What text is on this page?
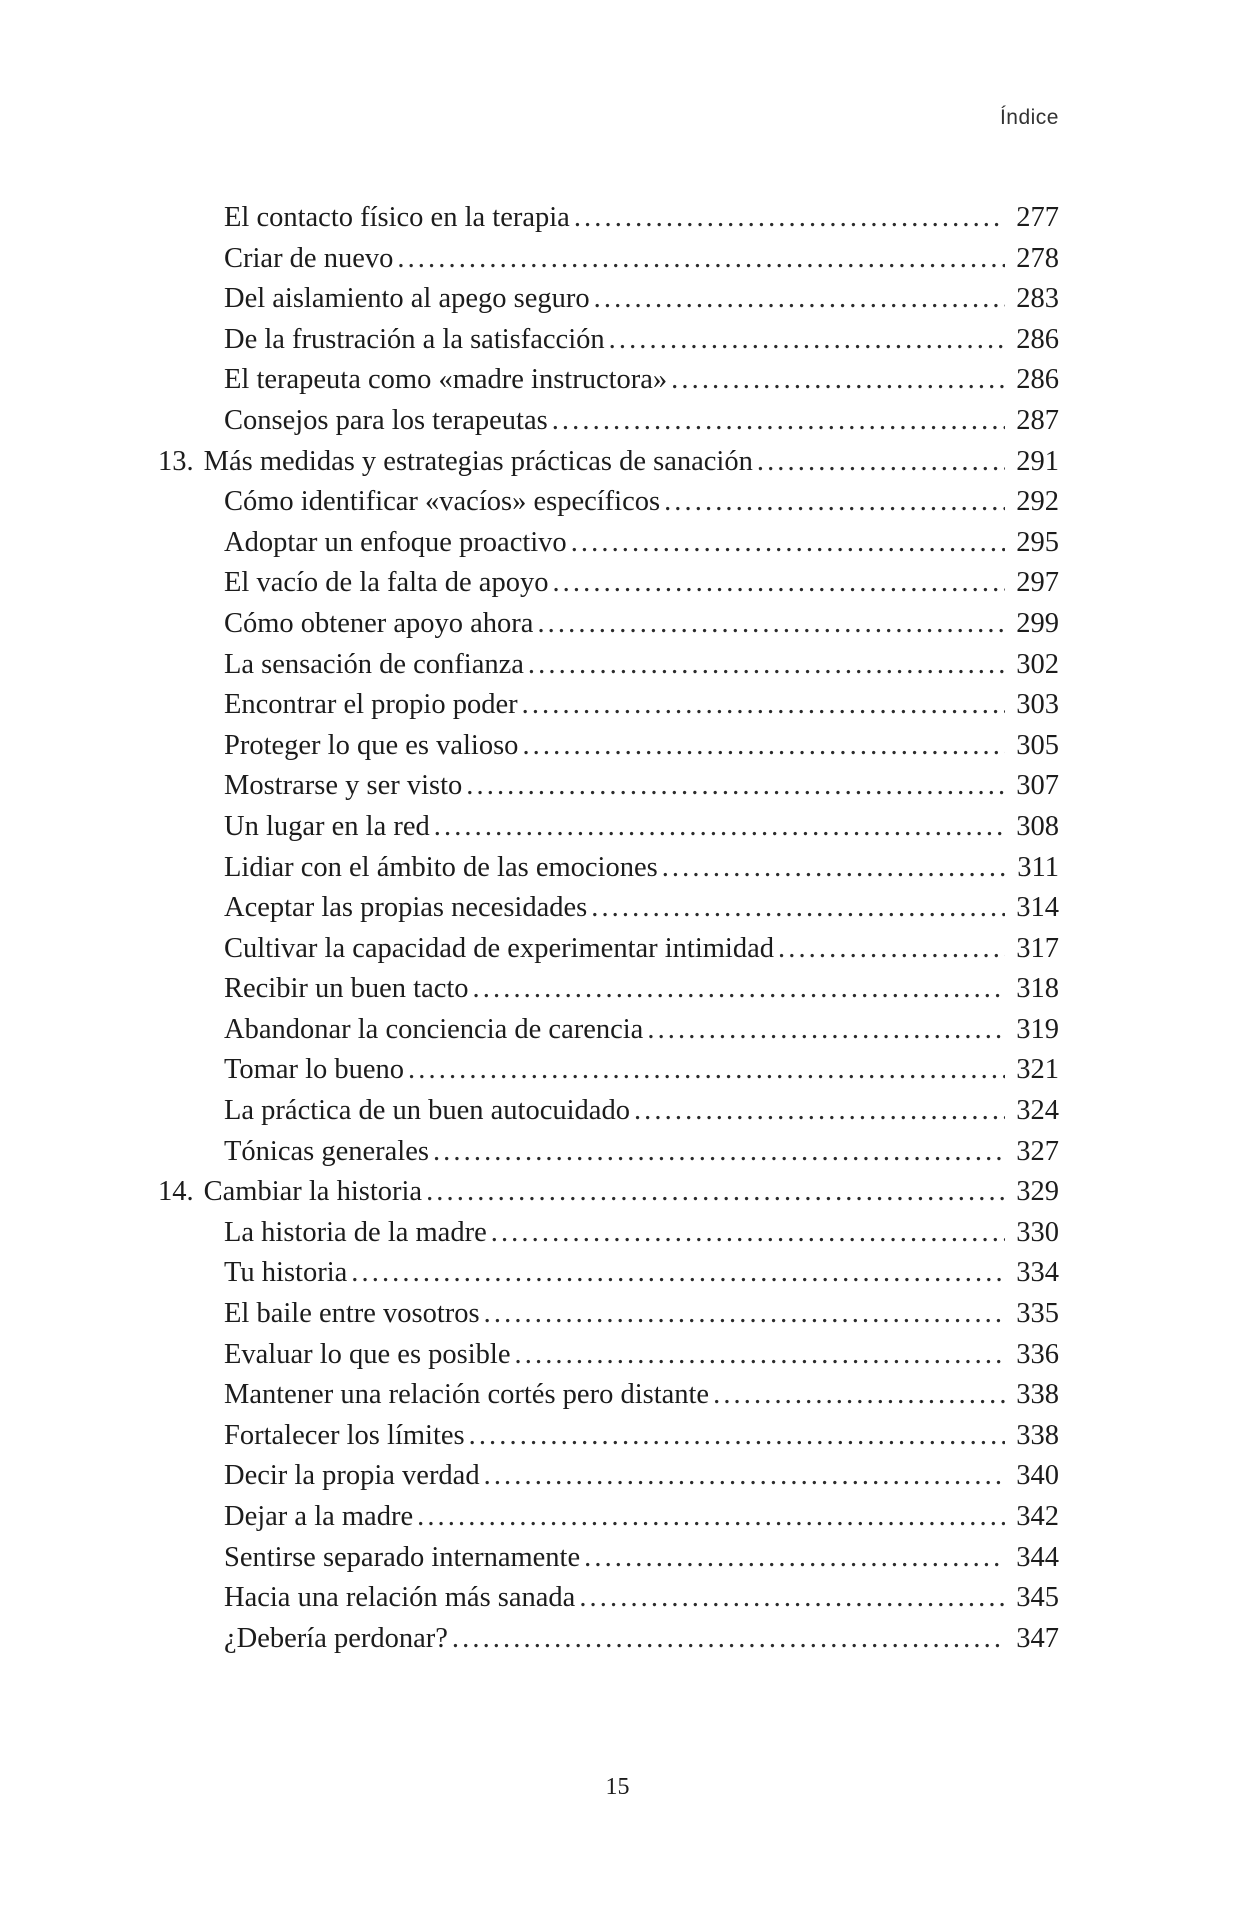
Índice
El contacto físico en la terapia .....	277
Criar de nuevo .....	278
Del aislamiento al apego seguro .....	283
De la frustración a la satisfacción .....	286
El terapeuta como «madre instructora» .....	286
Consejos para los terapeutas .....	287
13. Más medidas y estrategias prácticas de sanación .....	291
Cómo identificar «vacíos» específicos .....	292
Adoptar un enfoque proactivo .....	295
El vacío de la falta de apoyo .....	297
Cómo obtener apoyo ahora .....	299
La sensación de confianza .....	302
Encontrar el propio poder .....	303
Proteger lo que es valioso .....	305
Mostrarse y ser visto .....	307
Un lugar en la red .....	308
Lidiar con el ámbito de las emociones .....	311
Aceptar las propias necesidades .....	314
Cultivar la capacidad de experimentar intimidad .....	317
Recibir un buen tacto .....	318
Abandonar la conciencia de carencia .....	319
Tomar lo bueno .....	321
La práctica de un buen autocuidado .....	324
Tónicas generales .....	327
14. Cambiar la historia .....	329
La historia de la madre .....	330
Tu historia .....	334
El baile entre vosotros .....	335
Evaluar lo que es posible .....	336
Mantener una relación cortés pero distante .....	338
Fortalecer los límites .....	338
Decir la propia verdad .....	340
Dejar a la madre .....	342
Sentirse separado internamente .....	344
Hacia una relación más sanada .....	345
¿Debería perdonar? .....	347
15
